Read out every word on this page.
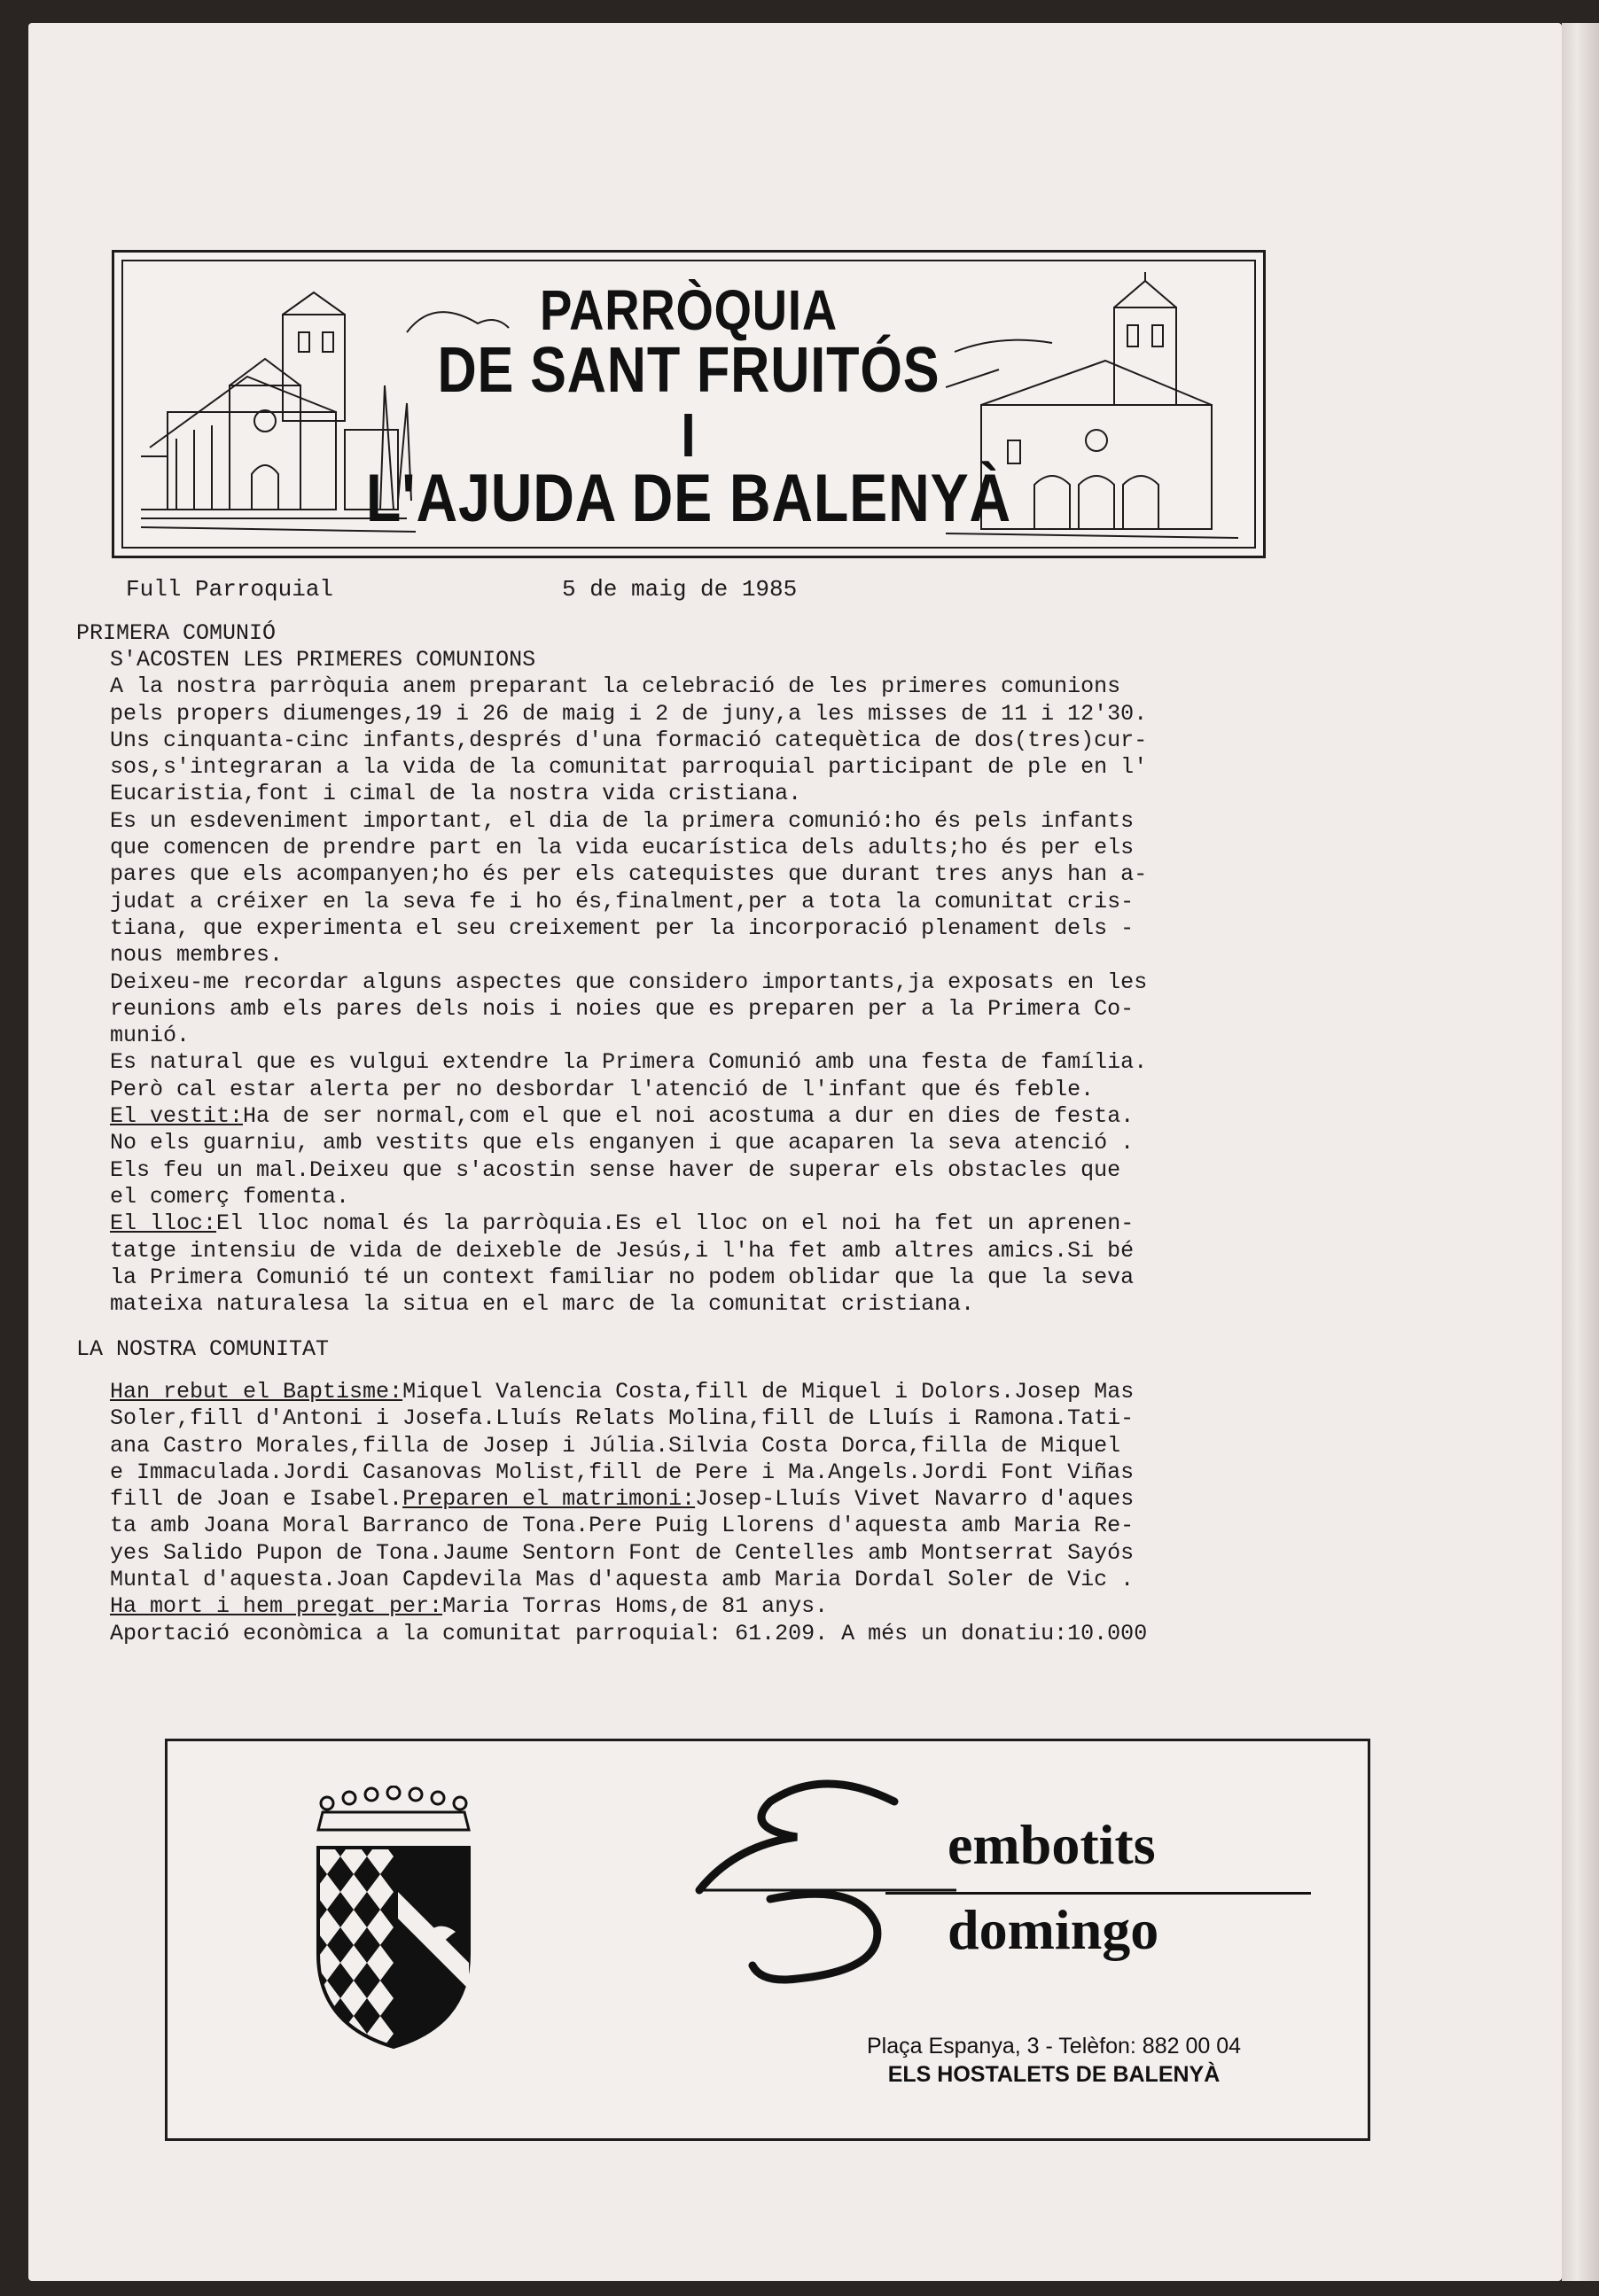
PARRÒQUIA
DE SANT FRUITÓS
I
L'AJUDA DE BALENYÀ
Full Parroquial	5 de maig de 1985
PRIMERA COMUNIÓ

S'ACOSTEN LES PRIMERES COMUNIONS

A la nostra parròquia anem preparant la celebració de les primeres comunions

pels propers diumenges,19 i 26 de maig i 2 de juny,a les misses de 11 i 12'30.

Uns cinquanta-cinc infants,després d'una formació catequètica de dos(tres)cur-

sos,s'integraran a la vida de la comunitat parroquial participant de ple en l'

Eucaristia,font i cimal de la nostra vida cristiana.

Es un esdeveniment important, el dia de la primera comunió:ho és pels infants

que comencen de prendre part en la vida eucarística dels adults;ho és per els

pares que els acompanyen;ho és per els catequistes que durant tres anys han a-

judat a créixer en la seva fe i ho és,finalment,per a tota la comunitat cris-

tiana, que experimenta el seu creixement per la incorporació plenament dels -

nous membres.

Deixeu-me recordar alguns aspectes que considero importants,ja exposats en les

reunions amb els pares dels nois i noies que es preparen per a la Primera Co-

munió.

Es natural que es vulgui extendre la Primera Comunió amb una festa de família.

Però cal estar alerta per no desbordar l'atenció de l'infant que és feble.

El vestit:Ha de ser normal,com el que el noi acostuma a dur en dies de festa.

No els guarniu, amb vestits que els enganyen i que acaparen la seva atenció .

Els feu un mal.Deixeu que s'acostin sense haver de superar els obstacles que

el comerç fomenta.

El lloc:El lloc nomal és la parròquia.Es el lloc on el noi ha fet un aprenen-

tatge intensiu de vida de deixeble de Jesús,i l'ha fet amb altres amics.Si bé

la Primera Comunió té un context familiar no podem oblidar que la que la seva

mateixa naturalesa la situa en el marc de la comunitat cristiana.

LA NOSTRA COMUNITAT

Han rebut el Baptisme:Miquel Valencia Costa,fill de Miquel i Dolors.Josep Mas

Soler,fill d'Antoni i Josefa.Lluís Relats Molina,fill de Lluís i Ramona.Tati-

ana Castro Morales,filla de Josep i Júlia.Silvia Costa Dorca,filla de Miquel

e Immaculada.Jordi Casanovas Molist,fill de Pere i Ma.Angels.Jordi Font Viñas

fill de Joan e Isabel.Preparen el matrimoni:Josep-Lluís Vivet Navarro d'aques

ta amb Joana Moral Barranco de Tona.Pere Puig Llorens d'aquesta amb Maria Re-

yes Salido Pupon de Tona.Jaume Sentorn Font de Centelles amb Montserrat Sayós

Muntal d'aquesta.Joan Capdevila Mas d'aquesta amb Maria Dordal Soler de Vic .

Ha mort i hem pregat per:Maria Torras Homs,de 81 anys.

Aportació econòmica a la comunitat parroquial: 61.209. A més un donatiu:10.000

embotits
domingo
Plaça Espanya, 3 - Telèfon: 882 00 04
ELS HOSTALETS DE BALENYÀ
